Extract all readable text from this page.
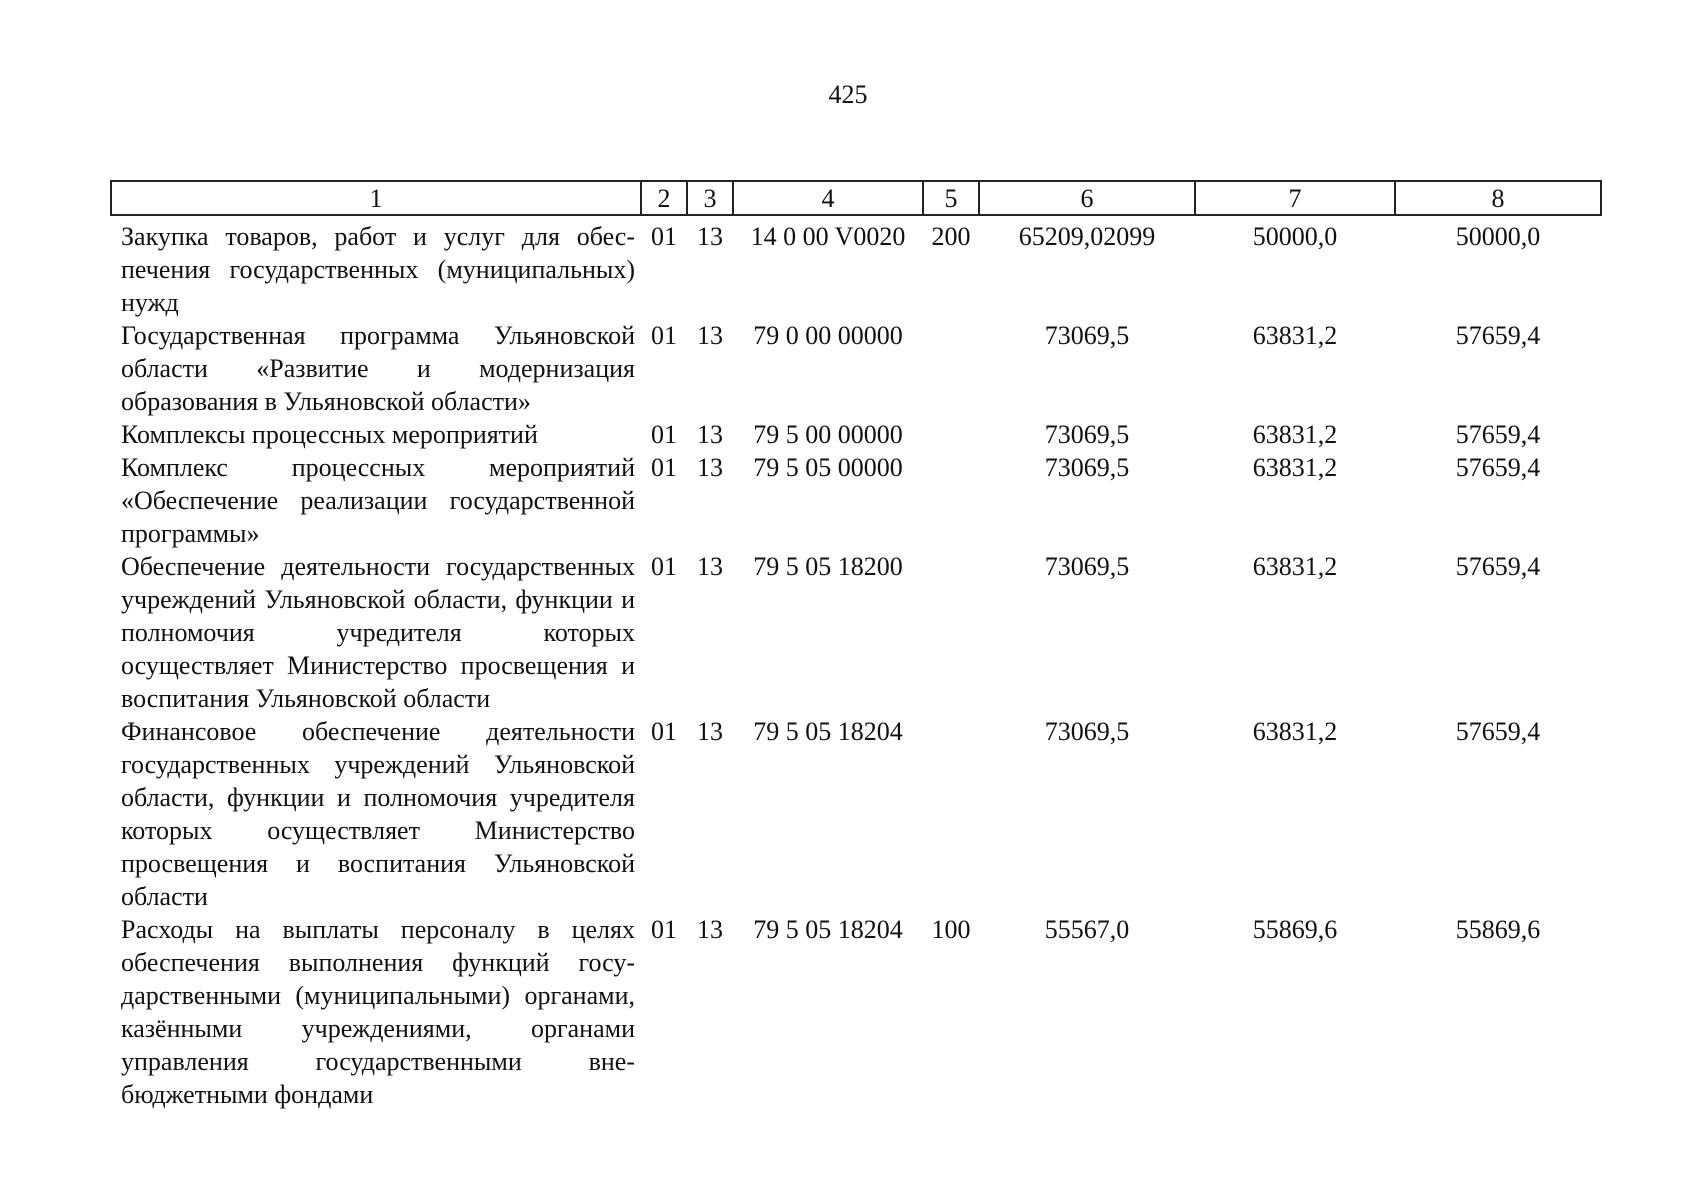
425
1	2	3	4	5	6	7	8
Закупка товаров, работ и услуг для обеспечения государственных (муниципальных) нужд	01	13	14 0 00 V0020	200	65209,02099	50000,0	50000,0
Государственная программа Ульяновской области «Развитие и модернизация образования в Ульяновской области»	01	13	79 0 00 00000		73069,5	63831,2	57659,4
Комплексы процессных мероприятий	01	13	79 5 00 00000		73069,5	63831,2	57659,4
Комплекс процессных мероприятий «Обеспечение реализации государственной программы»	01	13	79 5 05 00000		73069,5	63831,2	57659,4
Обеспечение деятельности государственных учреждений Ульяновской области, функции и полномочия учредителя которых осуществляет Министерство просвещения и воспитания Ульяновской области	01	13	79 5 05 18200		73069,5	63831,2	57659,4
Финансовое обеспечение деятельности государственных учреждений Ульяновской области, функции и полномочия учредителя которых осуществляет Министерство просвещения и воспитания Ульяновской области	01	13	79 5 05 18204		73069,5	63831,2	57659,4
Расходы на выплаты персоналу в целях обеспечения выполнения функций государственными (муниципальными) органами, казёнными учреждениями, органами управления государственными внебюджетными фондами	01	13	79 5 05 18204	100	55567,0	55869,6	55869,6
